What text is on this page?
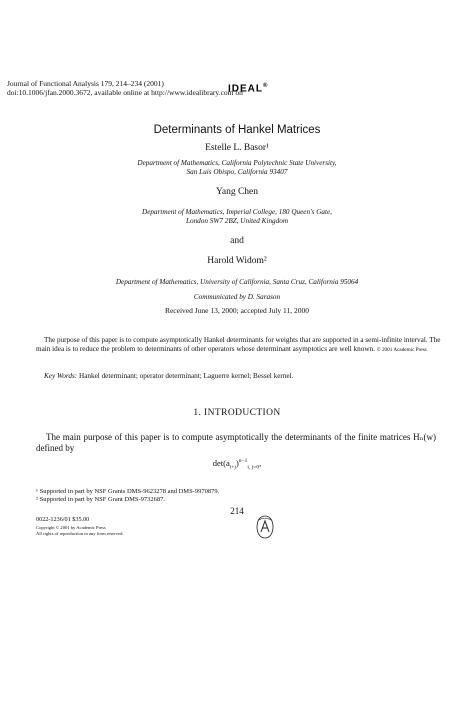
Journal of Functional Analysis 179, 214–234 (2001)
doi:10.1006/jfan.2000.3672, available online at http://www.idealibrary.com on
IDEAL®
Determinants of Hankel Matrices
Estelle L. Basor¹
Department of Mathematics, California Polytechnic State University,
San Luis Obispo, California 93407
Yang Chen
Department of Mathematics, Imperial College, 180 Queen's Gate,
London SW7 2BZ, United Kingdom
and
Harold Widom²
Department of Mathematics, University of California, Santa Cruz, California 95064
Communicated by D. Sarason
Received June 13, 2000; accepted July 11, 2000
The purpose of this paper is to compute asymptotically Hankel determinants for weights that are supported in a semi-infinite interval. The main idea is to reduce the problem to determinants of other operators whose determinant asymptotics are well known. © 2001 Academic Press
Key Words: Hankel determinant; operator determinant; Laguerre kernel; Bessel kernel.
1. INTRODUCTION
The main purpose of this paper is to compute asymptotically the determinants of the finite matrices Hₙ(w) defined by
$\det(a_{i+j})^{n-1}_{i, j=0}$,
¹ Supported in part by NSF Grants DMS-9623278 and DMS-9970879.
² Supported in part by NSF Grant DMS-9732687.
214
0022-1236/01 $35.00
Copyright © 2001 by Academic Press
All rights of reproduction in any form reserved.
